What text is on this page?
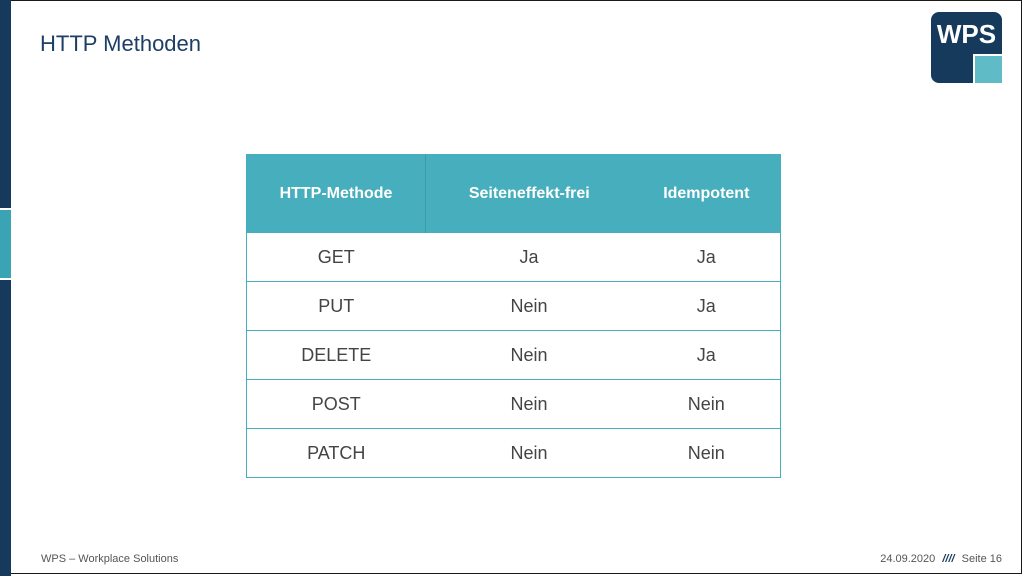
HTTP Methoden	WPS
HTTP-Methode	Seiteneffekt-frei	Idempotent
GET	Ja	Ja
PUT	Nein	Ja
DELETE	Nein	Ja
POST	Nein	Nein
PATCH	Nein	Nein
WPS – Workplace Solutions	24.09.2020 //// Seite 16
